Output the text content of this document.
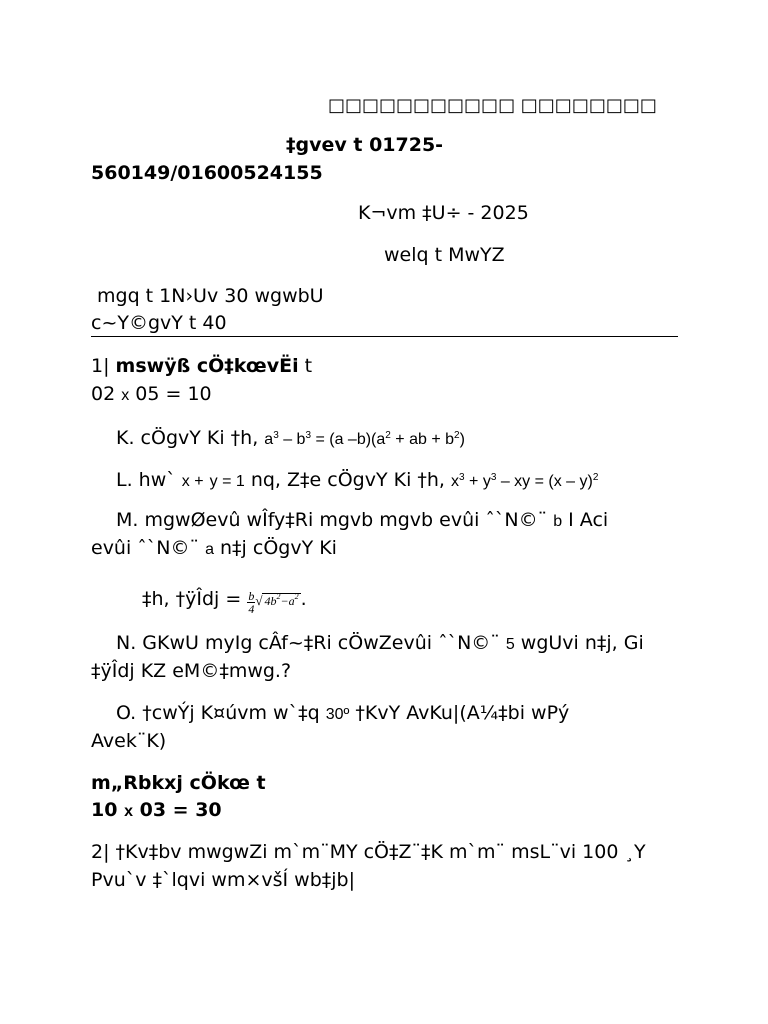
□□□□□□□□□□□ □□□□□□□□
‡gvev t 01725-
560149/01600524155
K¬vm ‡U÷ - 2025
welq t MwYZ
mgq t 1N›Uv 30 wgwbU
c~Y©gvY t 40
1| mswÿß cÖ‡kœvËi t
02 x 05 = 10
K. cÖgvY Ki †h, $a^3 - b^3 = (a$ $-b)(a^2$ + ab + $b^2$)
L. hw` x + y = 1 nq, Z‡e cÖgvY Ki †h, $x^3 + y^3$ – xy = (x – y)$^2$
M. mgwØevû wÎfy‡Ri mgvb mgvb evûi ˆ`N©¨ b I Aci
evûi ˆ`N©¨ a n‡j cÖgvY Ki
‡h, †ÿÎdj = $\frac{b}{4}$ √ $4b^2-a^2$ .
N. GKwU myIg cÂf~‡Ri cÖwZevûi ˆ`N©¨ 5 wgUvi n‡j, Gi
‡ÿÎdj KZ eM©‡mwg.?
O. †cwÝj K¤úvm w`‡q 30º †KvY AvKu|(A¼‡bi wPý
Avek¨K)
m„Rbkxj cÖkœ t
10 x 03 = 30
2| †Kv‡bv mwgwZi m`m¨MY cÖ‡Z¨‡K m`m¨ msL¨vi 100 ¸Y
Pvu`v ‡`lqvi wm×všÍ wb‡jb|
